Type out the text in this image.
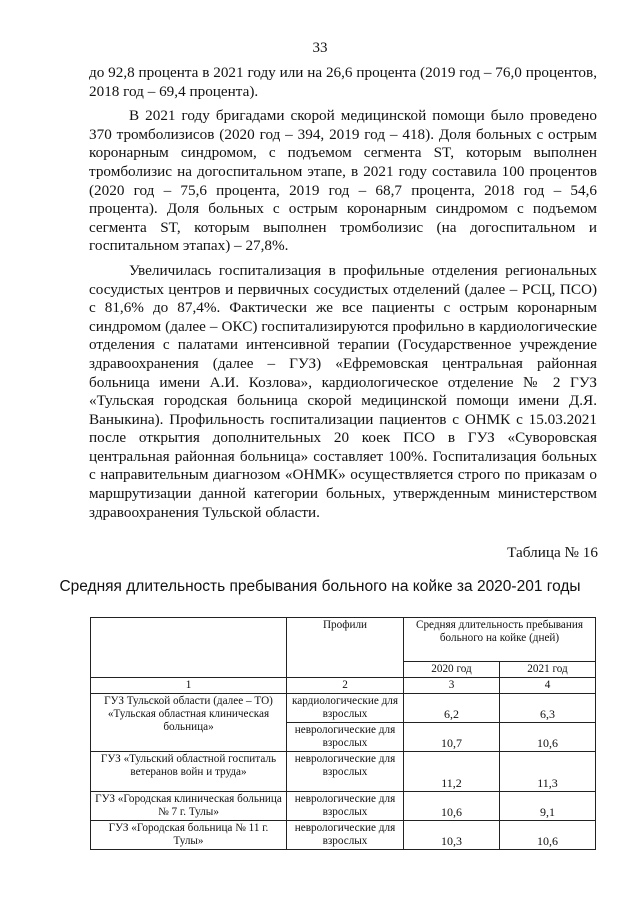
33

до 92,8 процента в 2021 году или на 26,6 процента (2019 год – 76,0 процентов, 2018 год – 69,4 процента).

В 2021 году бригадами скорой медицинской помощи было проведено 370 тромболизисов (2020 год – 394, 2019 год – 418). Доля больных с острым коронарным синдромом, с подъемом сегмента ST, которым выполнен тромболизис на догоспитальном этапе, в 2021 году составила 100 процентов (2020 год – 75,6 процента, 2019 год – 68,7 процента, 2018 год – 54,6 процента). Доля больных с острым коронарным синдромом с подъемом сегмента ST, которым выполнен тромболизис (на догоспитальном и госпитальном этапах) – 27,8%.

Увеличилась госпитализация в профильные отделения региональных сосудистых центров и первичных сосудистых отделений (далее – РСЦ, ПСО) с 81,6% до 87,4%. Фактически же все пациенты с острым коронарным синдромом (далее – ОКС) госпитализируются профильно в кардиологические отделения с палатами интенсивной терапии (Государственное учреждение здравоохранения (далее – ГУЗ) «Ефремовская центральная районная больница имени А.И. Козлова», кардиологическое отделение № 2 ГУЗ «Тульская городская больница скорой медицинской помощи имени Д.Я. Ваныкина). Профильность госпитализации пациентов с ОНМК с 15.03.2021 после открытия дополнительных 20 коек ПСО в ГУЗ «Суворовская центральная районная больница» составляет 100%. Госпитализация больных с направительным диагнозом «ОНМК» осуществляется строго по приказам о маршрутизации данной категории больных, утвержденным министерством здравоохранения Тульской области.

Таблица № 16
Средняя длительность пребывания больного на койке за 2020-201 годы
	Профили	Средняя длительность пребывания больного на койке (дней)	
		2020 год	2021 год
1	2	3	4
ГУЗ Тульской области (далее – ТО) «Тульская областная клиническая больница»	кардиологические для взрослых	6,2	6,3
	неврологические для взрослых	10,7	10,6
ГУЗ «Тульский областной госпиталь ветеранов войн и труда»	неврологические для взрослых	11,2	11,3
ГУЗ «Городская клиническая больница № 7 г. Тулы»	неврологические для взрослых	10,6	9,1
ГУЗ «Городская больница № 11 г. Тулы»	неврологические для взрослых	10,3	10,6
